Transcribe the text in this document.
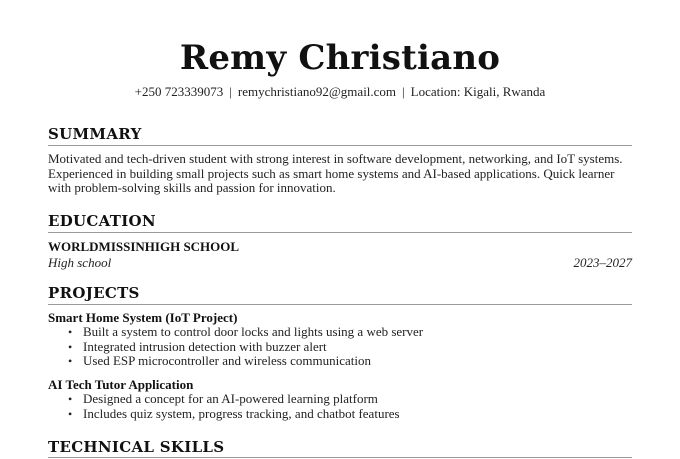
Remy Christiano
+250 723339073 | remychristiano92@gmail.com | Location: Kigali, Rwanda
SUMMARY
Motivated and tech-driven student with strong interest in software development, networking, and IoT systems. Experienced in building small projects such as smart home systems and AI-based applications. Quick learner with problem-solving skills and passion for innovation.
EDUCATION
WORLDMISSINHIGH SCHOOL
High school	2023–2027
PROJECTS
Smart Home System (IoT Project)
• Built a system to control door locks and lights using a web server
• Integrated intrusion detection with buzzer alert
• Used ESP microcontroller and wireless communication
AI Tech Tutor Application
• Designed a concept for an AI-powered learning platform
• Includes quiz system, progress tracking, and chatbot features
TECHNICAL SKILLS
